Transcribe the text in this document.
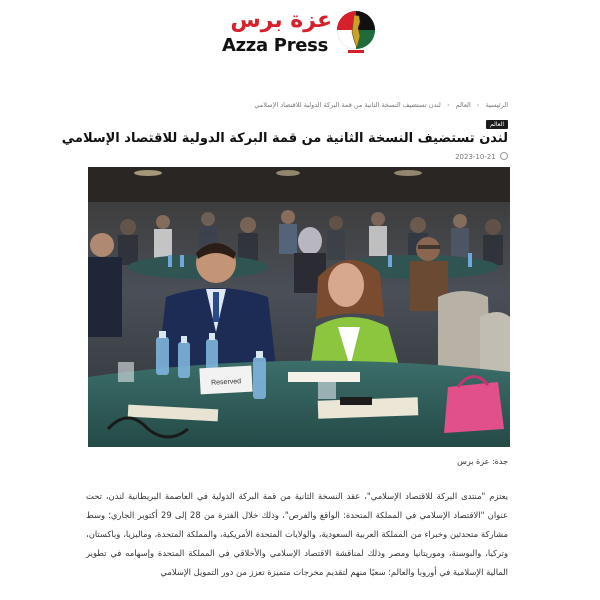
عزة برس
Azza Press
الرئيسية ‹ العالم ‹ لندن تستضيف النسخة الثانية من قمة البركة الدولية للاقتصاد الإسلامي
العالم
لندن تستضيف النسخة الثانية من قمة البركة الدولية للاقتصاد الإسلامي
2023-10-21
Reserved
جدة: عزة برس

يعتزم "منتدى البركة للاقتصاد الإسلامي"، عقد النسخة الثانية من قمة البركة الدولية في العاصمة البريطانية لندن، تحت عنوان "الاقتصاد الإسلامي في المملكة المتحدة: الواقع والفرص"، وذلك خلال الفترة من 28 إلى 29 أكتوبر الجاري؛ وسط مشاركة متحدثين وخبراء من المملكة العربية السعودية، والولايات المتحدة الأمريكية، والمملكة المتحدة، وماليزيا، وباكستان، وتركيا، والبوسنة، وموريتانيا ومصر وذلك لمناقشة الاقتصاد الإسلامي والأخلاقي في المملكة المتحدة وإسهامه في تطوير المالية الإسلامية في أوروبا والعالم؛ سعيًا منهم لتقديم مخرجات متميزة تعزز من دور التمويل الإسلامي
